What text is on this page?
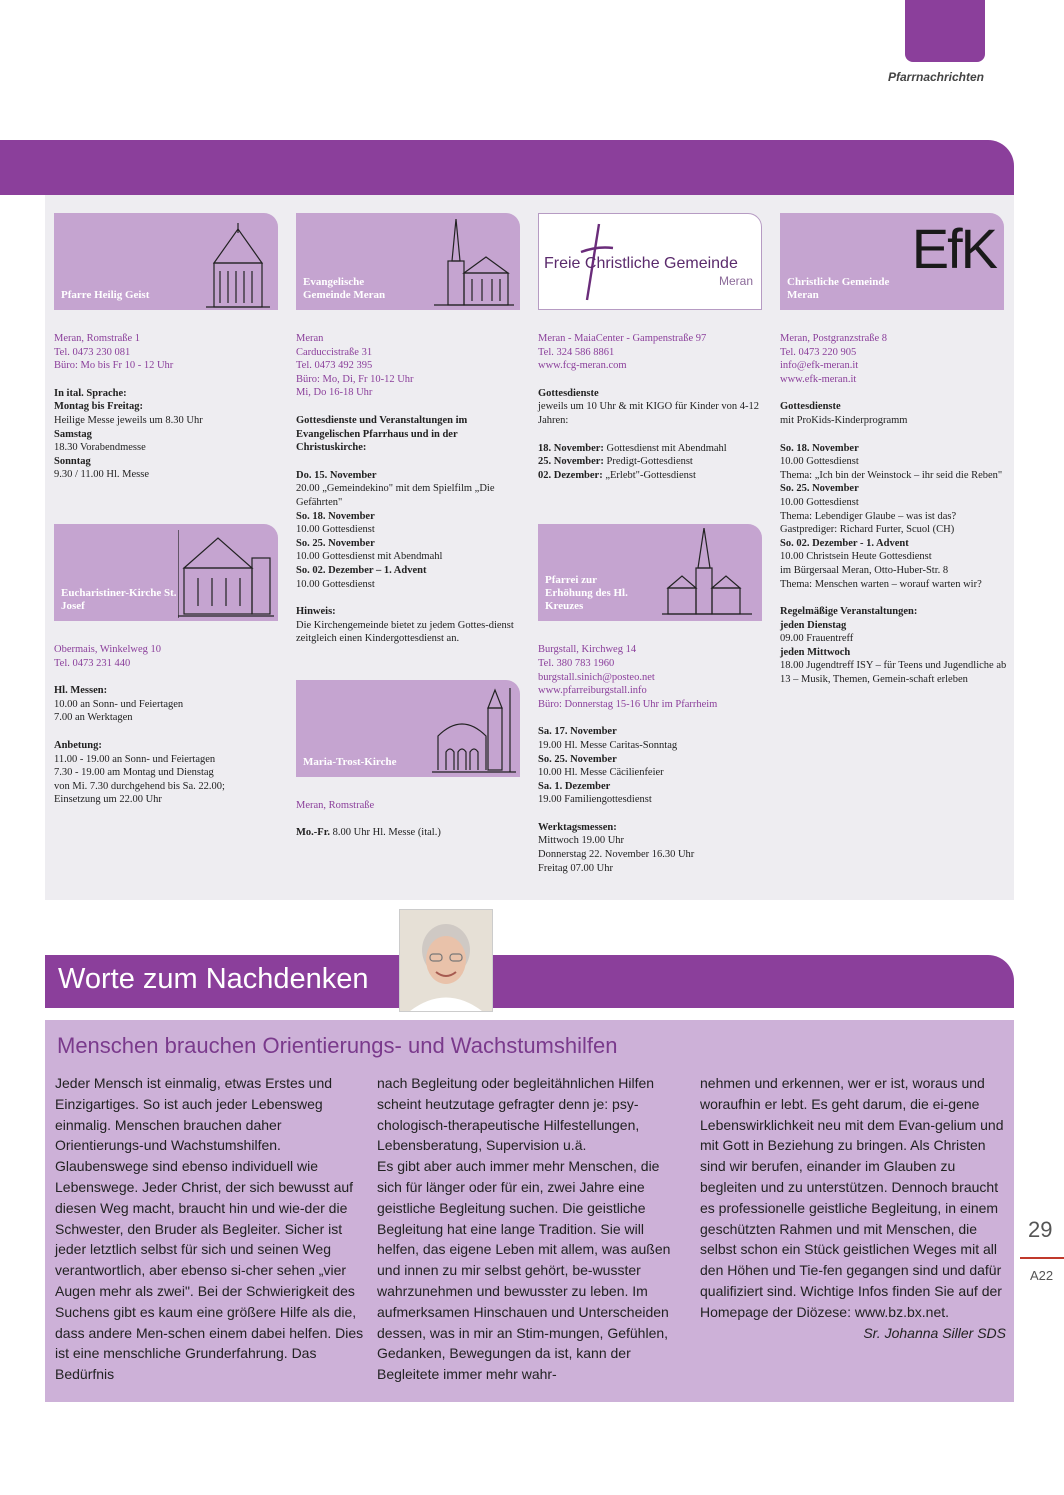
Pfarrnachrichten
Pfarre Heilig Geist

Meran, Romstraße 1

Tel. 0473 230 081

Büro: Mo bis Fr 10 - 12 Uhr

In ital. Sprache:

Montag bis Freitag:

Heilige Messe jeweils um 8.30 Uhr

Samstag

18.30 Vorabendmesse

Sonntag

9.30 / 11.00 Hl. Messe

Eucharistiner-Kirche St. Josef

Obermais, Winkelweg 10

Tel. 0473 231 440

Hl. Messen:

10.00 an Sonn- und Feiertagen

7.00 an Werktagen

Anbetung:

11.00 - 19.00 an Sonn- und Feiertagen

7.30 - 19.00 am Montag und Dienstag

von Mi. 7.30 durchgehend bis Sa. 22.00;

Einsetzung um 22.00 Uhr

Evangelische Gemeinde Meran

Meran

Carduccistraße 31

Tel. 0473 492 395

Büro: Mo, Di, Fr 10-12 Uhr

Mi, Do 16-18 Uhr

Gottesdienste und Veranstaltungen im Evangelischen Pfarrhaus und in der Christuskirche:

Do. 15. November

20.00 „Gemeindekino" mit dem Spielfilm „Die Gefährten"

So. 18. November

10.00 Gottesdienst

So. 25. November

10.00 Gottesdienst mit Abendmahl

So. 02. Dezember – 1. Advent

10.00 Gottesdienst

Hinweis:

Die Kirchengemeinde bietet zu jedem Gottes-dienst zeitgleich einen Kindergottesdienst an.

Maria-Trost-Kirche

Meran, Romstraße

Mo.-Fr. 8.00 Uhr Hl. Messe (ital.)

Freie Christliche Gemeinde
Meran

Meran - MaiaCenter - Gampenstraße 97

Tel. 324 586 8861

www.fcg-meran.com

Gottesdienste

jeweils um 10 Uhr & mit KIGO für Kinder von 4-12 Jahren:

18. November: Gottesdienst mit Abendmahl

25. November: Predigt-Gottesdienst

02. Dezember: „Erlebt"-Gottesdienst

Pfarrei zur Erhöhung des Hl. Kreuzes

Burgstall, Kirchweg 14

Tel. 380 783 1960

burgstall.sinich@posteo.net

www.pfarreiburgstall.info

Büro: Donnerstag 15-16 Uhr im Pfarrheim

Sa. 17. November

19.00 Hl. Messe Caritas-Sonntag

So. 25. November

10.00 Hl. Messe Cäcilienfeier

Sa. 1. Dezember

19.00 Familiengottesdienst

Werktagsmessen:

Mittwoch 19.00 Uhr

Donnerstag 22. November 16.30 Uhr

Freitag 07.00 Uhr

EfK
Christliche Gemeinde Meran

Meran, Postgranzstraße 8

Tel. 0473 220 905

info@efk-meran.it

www.efk-meran.it

Gottesdienste

mit ProKids-Kinderprogramm

So. 18. November

10.00 Gottesdienst

Thema: „Ich bin der Weinstock – ihr seid die Reben"

So. 25. November

10.00 Gottesdienst

Thema: Lebendiger Glaube – was ist das?

Gastprediger: Richard Furter, Scuol (CH)

So. 02. Dezember - 1. Advent

10.00 Christsein Heute Gottesdienst

im Bürgersaal Meran, Otto-Huber-Str. 8

Thema: Menschen warten – worauf warten wir?

Regelmäßige Veranstaltungen:

jeden Dienstag

09.00 Frauentreff

jeden Mittwoch

18.00 Jugendtreff ISY – für Teens und Jugendliche ab 13 – Musik, Themen, Gemein-schaft erleben

Worte zum Nachdenken
Menschen brauchen Orientierungs- und Wachstumshilfen

Jeder Mensch ist einmalig, etwas Erstes und Einzigartiges. So ist auch jeder Lebensweg einmalig. Menschen brauchen daher Orientierungs-und Wachstumshilfen. Glaubenswege sind ebenso individuell wie Lebenswege. Jeder Christ, der sich bewusst auf diesen Weg macht, braucht hin und wie-der die Schwester, den Bruder als Begleiter. Sicher ist jeder letztlich selbst für sich und seinen Weg verantwortlich, aber ebenso si-cher sehen „vier Augen mehr als zwei". Bei der Schwierigkeit des Suchens gibt es kaum eine größere Hilfe als die, dass andere Men-schen einem dabei helfen. Dies ist eine menschliche Grunderfahrung. Das Bedürfnis

nach Begleitung oder begleitähnlichen Hilfen scheint heutzutage gefragter denn je: psy-chologisch-therapeutische Hilfestellungen, Lebensberatung, Supervision u.ä.

Es gibt aber auch immer mehr Menschen, die sich für länger oder für ein, zwei Jahre eine geistliche Begleitung suchen. Die geistliche Begleitung hat eine lange Tradition. Sie will helfen, das eigene Leben mit allem, was außen und innen zu mir selbst gehört, be-wusster wahrzunehmen und bewusster zu leben. Im aufmerksamen Hinschauen und Unterscheiden dessen, was in mir an Stim-mungen, Gefühlen, Gedanken, Bewegungen da ist, kann der Begleitete immer mehr wahr-

nehmen und erkennen, wer er ist, woraus und woraufhin er lebt. Es geht darum, die ei-gene Lebenswirklichkeit neu mit dem Evan-gelium und mit Gott in Beziehung zu bringen. Als Christen sind wir berufen, einander im Glauben zu begleiten und zu unterstützen. Dennoch braucht es professionelle geistliche Begleitung, in einem geschützten Rahmen und mit Menschen, die selbst schon ein Stück geistlichen Weges mit all den Höhen und Tie-fen gegangen sind und dafür qualifiziert sind. Wichtige Infos finden Sie auf der Homepage der Diözese: www.bz.bx.net.

Sr. Johanna Siller SDS

29
A22
